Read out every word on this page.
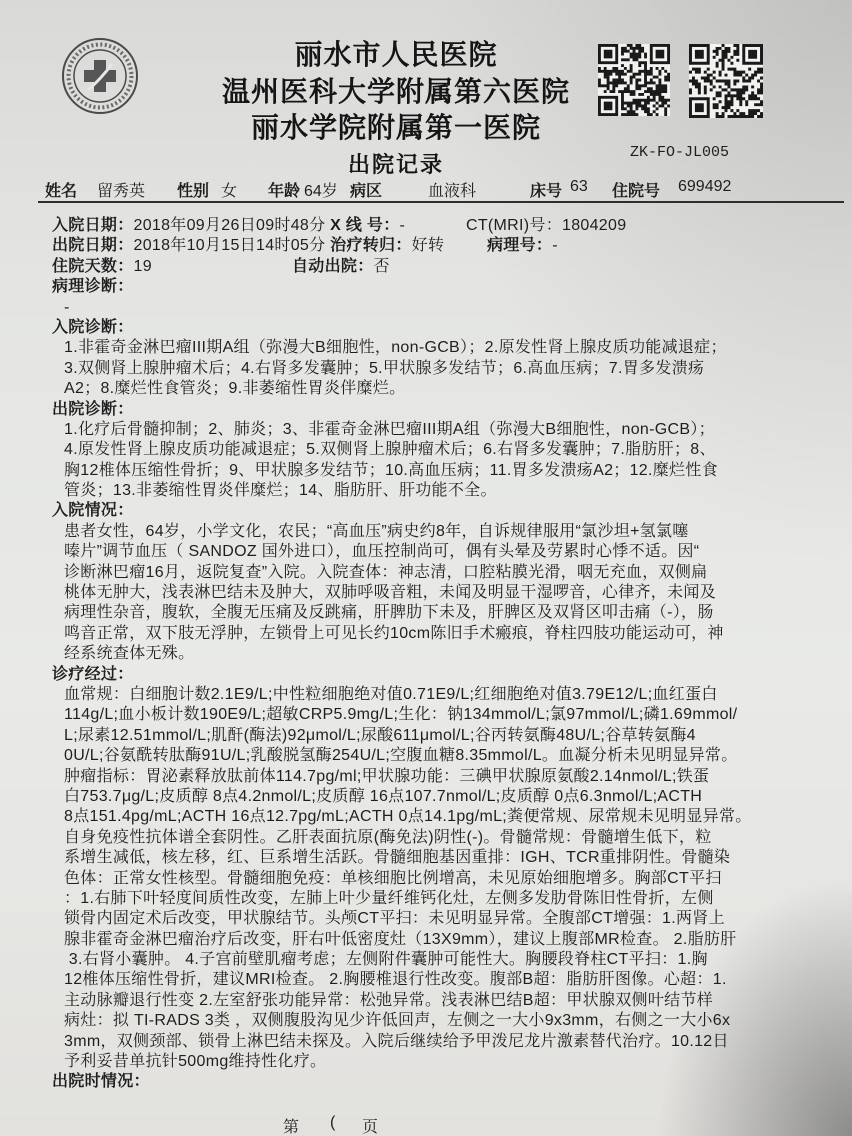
丽水市人民医院
温州医科大学附属第六医院
丽水学院附属第一医院
出院记录	ZK-FO-JL005
姓名 留秀英 性别 女 年龄 64岁 病区	血液科	床号 63 住院号 699492
入院日期：2018年09月26日09时48分 X 线 号：-	CT(MRI)号：1804209
出院日期：2018年10月15日14时05分 治疗转归：好转	病理号：-
住院天数：19	自动出院：否
病理诊断：
-
入院诊断：
1.非霍奇金淋巴瘤III期A组（弥漫大B细胞性，non-GCB）；2.原发性肾上腺皮质功能减退症；
3.双侧肾上腺肿瘤术后；4.右肾多发囊肿；5.甲状腺多发结节；6.高血压病；7.胃多发溃疡
A2；8.糜烂性食管炎；9.非萎缩性胃炎伴糜烂。
出院诊断：
1.化疗后骨髓抑制；2、肺炎；3、非霍奇金淋巴瘤III期A组（弥漫大B细胞性，non-GCB）；
4.原发性肾上腺皮质功能减退症；5.双侧肾上腺肿瘤术后；6.右肾多发囊肿；7.脂肪肝；8、
胸12椎体压缩性骨折；9、甲状腺多发结节；10.高血压病；11.胃多发溃疡A2；12.糜烂性食
管炎；13.非萎缩性胃炎伴糜烂；14、脂肪肝、肝功能不全。
入院情况：
患者女性，64岁，小学文化，农民；“高血压”病史约8年，自诉规律服用“氯沙坦+氢氯噻
嗪片”调节血压（ SANDOZ 国外进口），血压控制尚可，偶有头晕及劳累时心悸不适。因“
诊断淋巴瘤16月，返院复查”入院。入院查体：神志清，口腔粘膜光滑，咽无充血，双侧扁
桃体无肿大，浅表淋巴结未及肿大，双肺呼吸音粗，未闻及明显干湿啰音，心律齐，未闻及
病理性杂音，腹软，全腹无压痛及反跳痛，肝脾肋下未及，肝脾区及双肾区叩击痛（-），肠
鸣音正常，双下肢无浮肿，左锁骨上可见长约10cm陈旧手术瘢痕，脊柱四肢功能运动可，神
经系统查体无殊。
诊疗经过：
血常规：白细胞计数2.1E9/L;中性粒细胞绝对值0.71E9/L;红细胞绝对值3.79E12/L;血红蛋白
114g/L;血小板计数190E9/L;超敏CRP5.9mg/L;生化：钠134mmol/L;氯97mmol/L;磷1.69mmol/
L;尿素12.51mmol/L;肌酐(酶法)92μmol/L;尿酸611μmol/L;谷丙转氨酶48U/L;谷草转氨酶4
0U/L;谷氨酰转肽酶91U/L;乳酸脱氢酶254U/L;空腹血糖8.35mmol/L。血凝分析未见明显异常。
肿瘤指标：胃泌素释放肽前体114.7pg/ml;甲状腺功能：三碘甲状腺原氨酸2.14nmol/L;铁蛋
白753.7μg/L;皮质醇 8点4.2nmol/L;皮质醇 16点107.7nmol/L;皮质醇 0点6.3nmol/L;ACTH
8点151.4pg/mL;ACTH 16点12.7pg/mL;ACTH 0点14.1pg/mL;粪便常规、尿常规未见明显异常。
自身免疫性抗体谱全套阴性。乙肝表面抗原(酶免法)阴性(-)。骨髓常规：骨髓增生低下，粒
系增生减低，核左移，红、巨系增生活跃。骨髓细胞基因重排：IGH、TCR重排阴性。骨髓染
色体：正常女性核型。骨髓细胞免疫：单核细胞比例增高，未见原始细胞增多。胸部CT平扫
：1.右肺下叶轻度间质性改变，左肺上叶少量纤维钙化灶，左侧多发肋骨陈旧性骨折，左侧
锁骨内固定术后改变，甲状腺结节。头颅CT平扫：未见明显异常。全腹部CT增强：1.两肾上
腺非霍奇金淋巴瘤治疗后改变，肝右叶低密度灶（13X9mm），建议上腹部MR检查。 2.脂肪肝
3.右肾小囊肿。 4.子宫前壁肌瘤考虑；左侧附件囊肿可能性大。胸腰段脊柱CT平扫：1.胸
12椎体压缩性骨折，建议MRI检查。 2.胸腰椎退行性改变。腹部B超：脂肪肝图像。心超：1.
主动脉瓣退行性变 2.左室舒张功能异常：松弛异常。浅表淋巴结B超：甲状腺双侧叶结节样
病灶：拟 TI-RADS 3类 ，双侧腹股沟见少许低回声，左侧之一大小9x3mm，右侧之一大小6x
3mm，双侧颈部、锁骨上淋巴结未探及。入院后继续给予甲泼尼龙片激素替代治疗。10.12日
予利妥昔单抗针500mg维持性化疗。
出院时情况：
第 ( 页
